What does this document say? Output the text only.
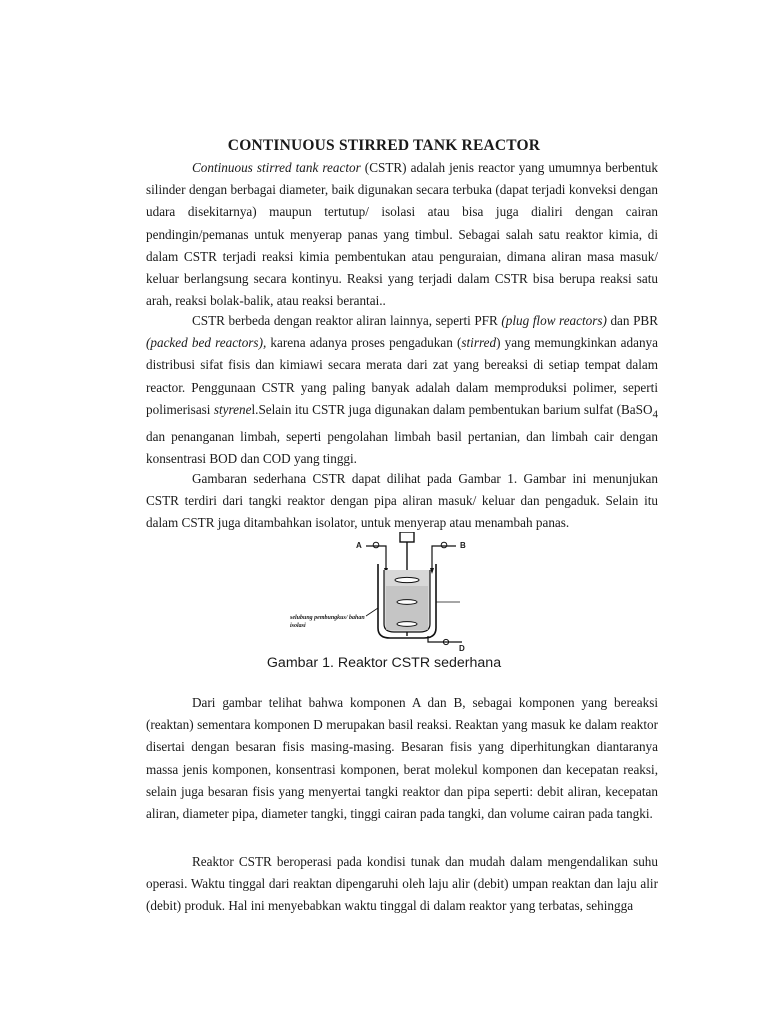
CONTINUOUS STIRRED TANK REACTOR

Continuous stirred tank reactor (CSTR) adalah jenis reactor yang umumnya berbentuk silinder dengan berbagai diameter, baik digunakan secara terbuka (dapat terjadi konveksi dengan udara disekitarnya) maupun tertutup/ isolasi atau bisa juga dialiri dengan cairan pendingin/pemanas untuk menyerap panas yang timbul. Sebagai salah satu reaktor kimia, di dalam CSTR terjadi reaksi kimia pembentukan atau penguraian, dimana aliran masa masuk/ keluar berlangsung secara kontinyu. Reaksi yang terjadi dalam CSTR bisa berupa reaksi satu arah, reaksi bolak-balik, atau reaksi berantai..

CSTR berbeda dengan reaktor aliran lainnya, seperti PFR (plug flow reactors) dan PBR (packed bed reactors), karena adanya proses pengadukan (stirred) yang memungkinkan adanya distribusi sifat fisis dan kimiawi secara merata dari zat yang bereaksi di setiap tempat dalam reactor. Penggunaan CSTR yang paling banyak adalah dalam memproduksi polimer, seperti polimerisasi styrenel.Selain itu CSTR juga digunakan dalam pembentukan barium sulfat (BaSO$_4$ dan penanganan limbah, seperti pengolahan limbah basil pertanian, dan limbah cair dengan konsentrasi BOD dan COD yang tinggi.

Gambaran sederhana CSTR dapat dilihat pada Gambar 1. Gambar ini menunjukan CSTR terdiri dari tangki reaktor dengan pipa aliran masuk/ keluar dan pengaduk. Selain itu dalam CSTR juga ditambahkan isolator, untuk menyerap atau menambah panas.

A	B
D
selubung pembungkus/ bahan isolasi
Gambar 1. Reaktor CSTR sederhana

Dari gambar telihat bahwa komponen A dan B, sebagai komponen yang bereaksi (reaktan) sementara komponen D merupakan basil reaksi. Reaktan yang masuk ke dalam reaktor disertai dengan besaran fisis masing-masing. Besaran fisis yang diperhitungkan diantaranya massa jenis komponen, konsentrasi komponen, berat molekul komponen dan kecepatan reaksi, selain juga besaran fisis yang menyertai tangki reaktor dan pipa seperti: debit aliran, kecepatan aliran, diameter pipa, diameter tangki, tinggi cairan pada tangki, dan volume cairan pada tangki.

Reaktor CSTR beroperasi pada kondisi tunak dan mudah dalam mengendalikan suhu operasi. Waktu tinggal dari reaktan dipengaruhi oleh laju alir (debit) umpan reaktan dan laju alir (debit) produk. Hal ini menyebabkan waktu tinggal di dalam reaktor yang terbatas, sehingga
